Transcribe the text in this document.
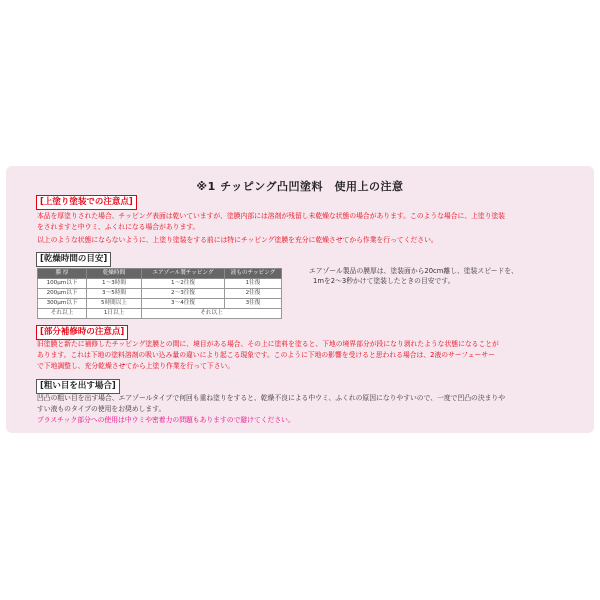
※1 チッピング凸凹塗料　使用上の注意
[上塗り塗装での注意点]
本品を厚塗りされた場合、チッピング表面は乾いていますが、塗膜内部には溶剤が残留し未乾燥な状態の場合があります。このような場合に、上塗り塗装
をされますと中ウミ、ふくれになる場合があります。
以上のような状態にならないように、上塗り塗装をする前には特にチッピング塗膜を充分に乾燥させてから作業を行ってください。
[乾燥時間の目安]
膜 厚	乾燥時間	エアゾール製チッピング	液ものチッピング
100μm以下	1〜3時間	1〜2往復	1往復
200μm以下	3〜5時間	2〜3往復	2往復
300μm以下	5時間以上	3〜4往復	3往復
それ以上	1日以上	それ以上	
エアゾール製品の膜厚は、塗装面から20cm離し、塗装スピードを、
1mを2〜3秒かけて塗装したときの目安です。
[部分補修時の注意点]
旧塗膜と新たに補修したチッピング塗膜との間に、境目がある場合、その上に塗料を塗ると、下地の境界部分が段になり剥れたような状態になることが
あります。これは下地の塗料溶剤の吸い込み量の違いにより起こる現象です。このように下地の影響を受けると思われる場合は、2液のサーフェーサー
で下地調整し、充分乾燥させてから上塗り作業を行って下さい。
[粗い目を出す場合]
凹凸の粗い目を出す場合、エアゾールタイプで何回も重ね塗りをすると、乾燥不良による中ウミ、ふくれの原因になりやすいので、一度で凹凸の決まりや
すい液ものタイプの使用をお奨めします。
プラスチック部分への使用は中ウミや密着力の問題もありますので避けてください。
